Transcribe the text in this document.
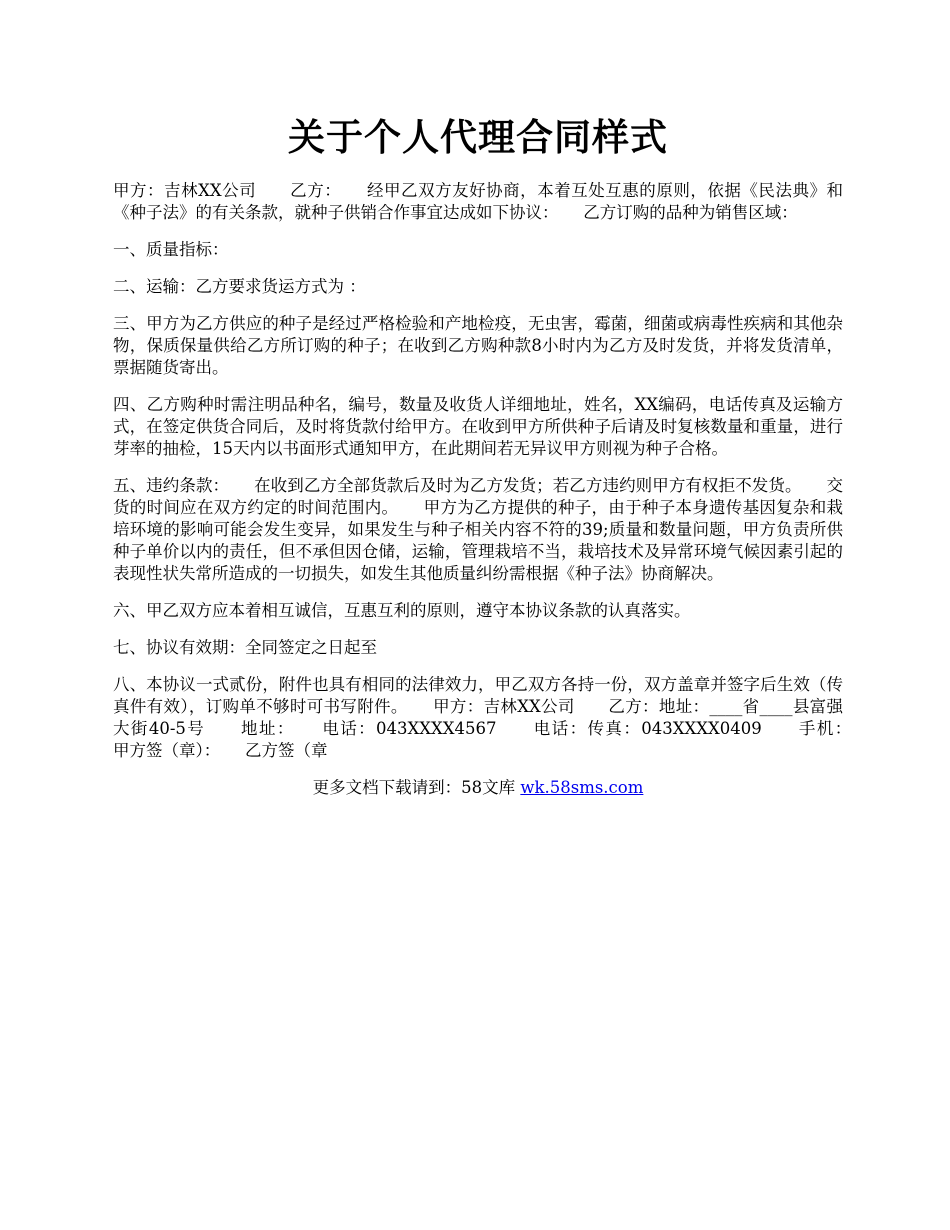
关于个人代理合同样式

甲方：吉林XX公司　　乙方：　　经甲乙双方友好协商，本着互处互惠的原则，依据《民法典》和《种子法》的有关条款，就种子供销合作事宜达成如下协议：　　乙方订购的品种为销售区域：

一、质量指标：

二、运输：乙方要求货运方式为 ：

三、甲方为乙方供应的种子是经过严格检验和产地检疫，无虫害，霉菌，细菌或病毒性疾病和其他杂物，保质保量供给乙方所订购的种子；在收到乙方购种款8小时内为乙方及时发货，并将发货清单，票据随货寄出。

四、乙方购种时需注明品种名，编号，数量及收货人详细地址，姓名，XX编码，电话传真及运输方式，在签定供货合同后，及时将货款付给甲方。在收到甲方所供种子后请及时复核数量和重量，进行芽率的抽检，15天内以书面形式通知甲方，在此期间若无异议甲方则视为种子合格。

五、违约条款：　　在收到乙方全部货款后及时为乙方发货；若乙方违约则甲方有权拒不发货。　　交货的时间应在双方约定的时间范围内。　　甲方为乙方提供的种子，由于种子本身遗传基因复杂和栽培环境的影响可能会发生变异，如果发生与种子相关内容不符的39;质量和数量问题，甲方负责所供种子单价以内的责任，但不承但因仓储，运输，管理栽培不当，栽培技术及异常环境气候因素引起的表现性状失常所造成的一切损失，如发生其他质量纠纷需根据《种子法》协商解决。

六、甲乙双方应本着相互诚信，互惠互利的原则，遵守本协议条款的认真落实。

七、协议有效期：全同签定之日起至

八、本协议一式贰份，附件也具有相同的法律效力，甲乙双方各持一份，双方盖章并签字后生效（传真件有效），订购单不够时可书写附件。　　甲方：吉林XX公司　　乙方：地址：____省____县富强大街40-5号　　地址：　　电话：043XXXX4567　　电话：传真：043XXXX0409　　手机：　　甲方签（章）：　　乙方签（章

更多文档下载请到：58文库 wk.58sms.com
